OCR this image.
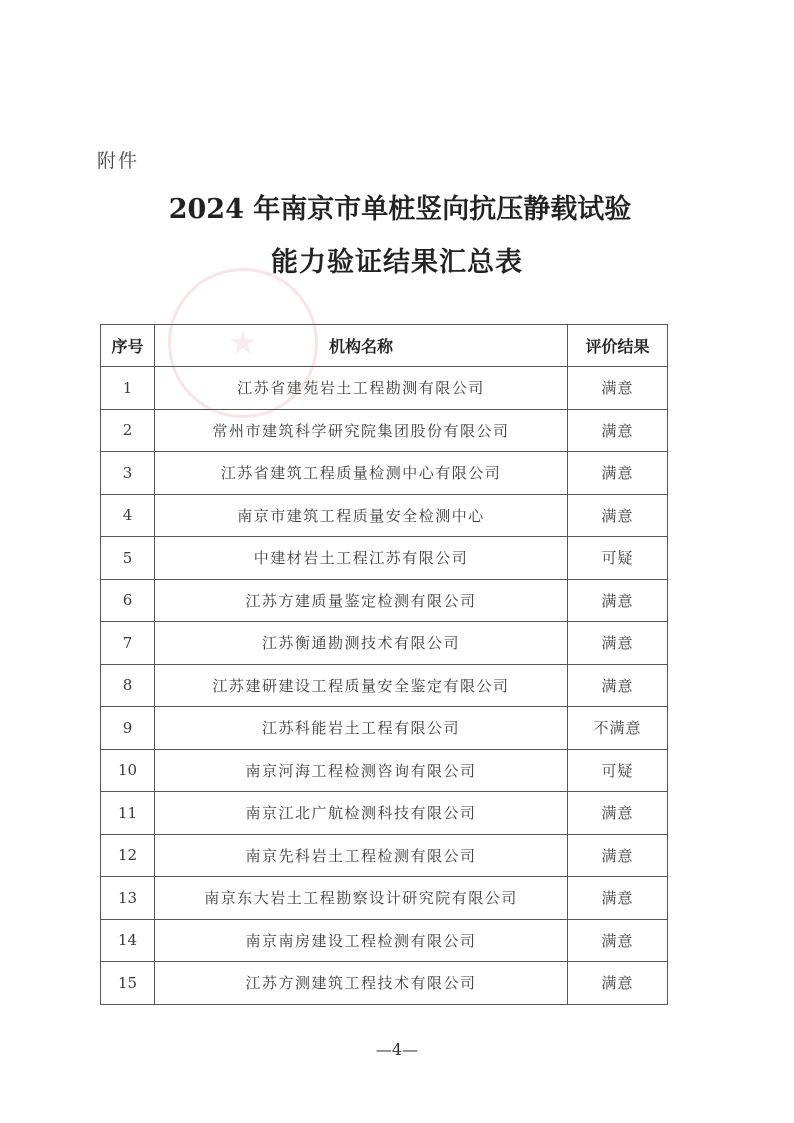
附件
2024 年南京市单桩竖向抗压静载试验
能力验证结果汇总表
序号	机构名称	评价结果
1	江苏省建苑岩土工程勘测有限公司	满意
2	常州市建筑科学研究院集团股份有限公司	满意
3	江苏省建筑工程质量检测中心有限公司	满意
4	南京市建筑工程质量安全检测中心	满意
5	中建材岩土工程江苏有限公司	可疑
6	江苏方建质量鉴定检测有限公司	满意
7	江苏衡通勘测技术有限公司	满意
8	江苏建研建设工程质量安全鉴定有限公司	满意
9	江苏科能岩土工程有限公司	不满意
10	南京河海工程检测咨询有限公司	可疑
11	南京江北广航检测科技有限公司	满意
12	南京先科岩土工程检测有限公司	满意
13	南京东大岩土工程勘察设计研究院有限公司	满意
14	南京南房建设工程检测有限公司	满意
15	江苏方测建筑工程技术有限公司	满意
—4—
